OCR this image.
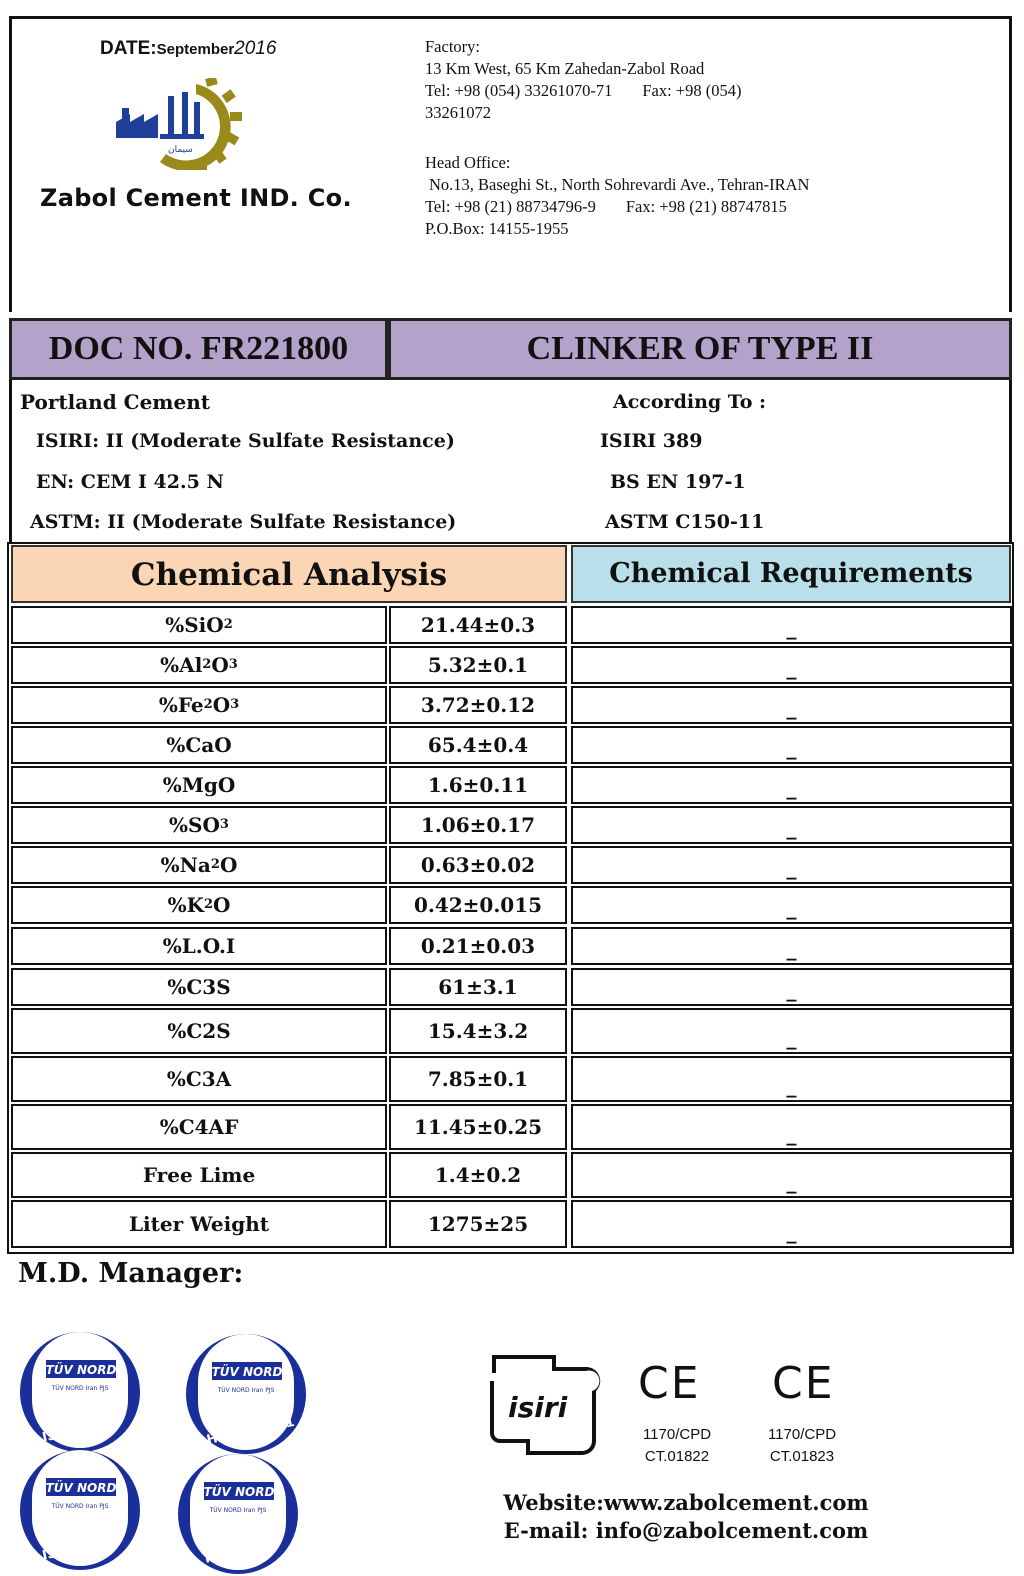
DATE:September2016
سیمان
Zabol Cement IND. Co.
Factory:
13 Km West, 65 Km Zahedan-Zabol Road
Tel: +98 (054) 33261070-71 Fax: +98 (054)
33261072
Head Office:
No.13, Baseghi St., North Sohrevardi Ave., Tehran-IRAN
Tel: +98 (21) 88734796-9 Fax: +98 (21) 88747815
P.O.Box: 14155-1955
DOC NO. FR221800	CLINKER OF TYPE II
Portland Cement	According To :
ISIRI: II (Moderate Sulfate Resistance)	ISIRI 389
EN: CEM I 42.5 N	BS EN 197-1
ASTM: II (Moderate Sulfate Resistance)	ASTM C150-11
Chemical Analysis	Chemical Requirements
%SiO 2	21.44±0.3	_
%Al 2 O 3	5.32±0.1	_
%Fe 2 O 3	3.72±0.12	_
%CaO	65.4±0.4	_
%MgO	1.6±0.11	_
%SO 3	1.06±0.17	_
%Na 2 O	0.63±0.02	_
%K 2 O	0.42±0.015	_
%L.O.I	0.21±0.03	_
%C3S	61±3.1	_
%C2S	15.4±3.2	_
%C3A	7.85±0.1	_
%C4AF	11.45±0.25	_
Free Lime	1.4±0.2	_
Liter Weight	1275±25	_
M.D. Manager:
TÜV NORD
TÜV NORD Iran PJS
ISO 10002
TÜV NORD
TÜV NORD Iran PJS
OHSAS 18001
TÜV NORD
TÜV NORD Iran PJS
ISO 14001
TÜV NORD
TÜV NORD Iran PJS
ISO 9001
isiri CE
1170/CPD
CT.01822
CE
1170/CPD
CT.01823
Website:www.zabolcement.com
E-mail: info@zabolcement.com
